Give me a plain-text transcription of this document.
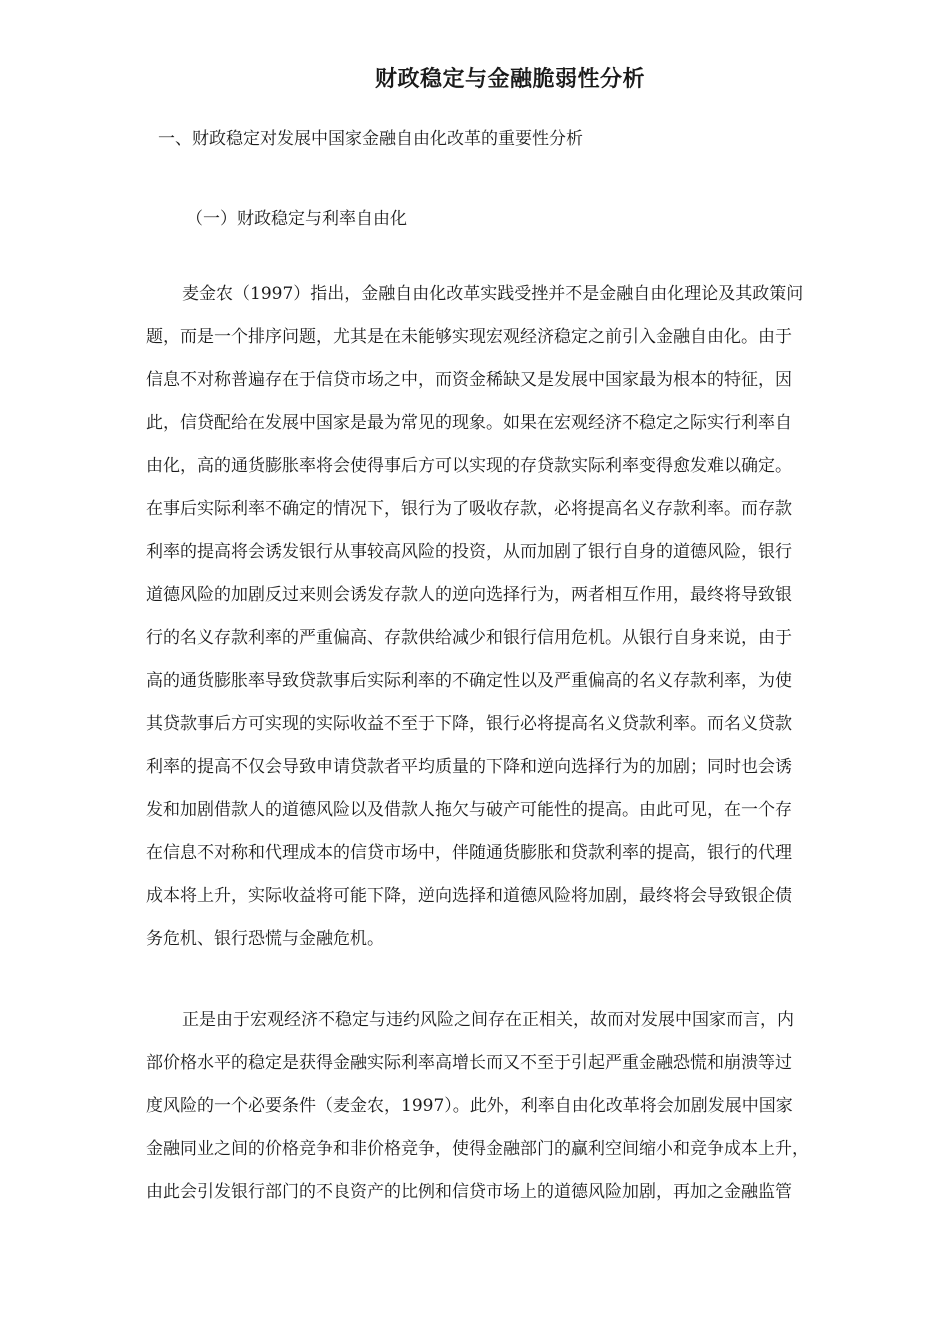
财政稳定与金融脆弱性分析
一、财政稳定对发展中国家金融自由化改革的重要性分析
（一）财政稳定与利率自由化
麦金农（1997）指出，金融自由化改革实践受挫并不是金融自由化理论及其政策问
题，而是一个排序问题，尤其是在未能够实现宏观经济稳定之前引入金融自由化。由于
信息不对称普遍存在于信贷市场之中，而资金稀缺又是发展中国家最为根本的特征，因
此，信贷配给在发展中国家是最为常见的现象。如果在宏观经济不稳定之际实行利率自
由化，高的通货膨胀率将会使得事后方可以实现的存贷款实际利率变得愈发难以确定。
在事后实际利率不确定的情况下，银行为了吸收存款，必将提高名义存款利率。而存款
利率的提高将会诱发银行从事较高风险的投资，从而加剧了银行自身的道德风险，银行
道德风险的加剧反过来则会诱发存款人的逆向选择行为，两者相互作用，最终将导致银
行的名义存款利率的严重偏高、存款供给减少和银行信用危机。从银行自身来说，由于
高的通货膨胀率导致贷款事后实际利率的不确定性以及严重偏高的名义存款利率，为使
其贷款事后方可实现的实际收益不至于下降，银行必将提高名义贷款利率。而名义贷款
利率的提高不仅会导致申请贷款者平均质量的下降和逆向选择行为的加剧；同时也会诱
发和加剧借款人的道德风险以及借款人拖欠与破产可能性的提高。由此可见，在一个存
在信息不对称和代理成本的信贷市场中，伴随通货膨胀和贷款利率的提高，银行的代理
成本将上升，实际收益将可能下降，逆向选择和道德风险将加剧，最终将会导致银企债
务危机、银行恐慌与金融危机。
正是由于宏观经济不稳定与违约风险之间存在正相关，故而对发展中国家而言，内
部价格水平的稳定是获得金融实际利率高增长而又不至于引起严重金融恐慌和崩溃等过
度风险的一个必要条件（麦金农，1997）。此外，利率自由化改革将会加剧发展中国家
金融同业之间的价格竞争和非价格竞争，使得金融部门的赢利空间缩小和竞争成本上升，
由此会引发银行部门的不良资产的比例和信贷市场上的道德风险加剧，再加之金融监管
